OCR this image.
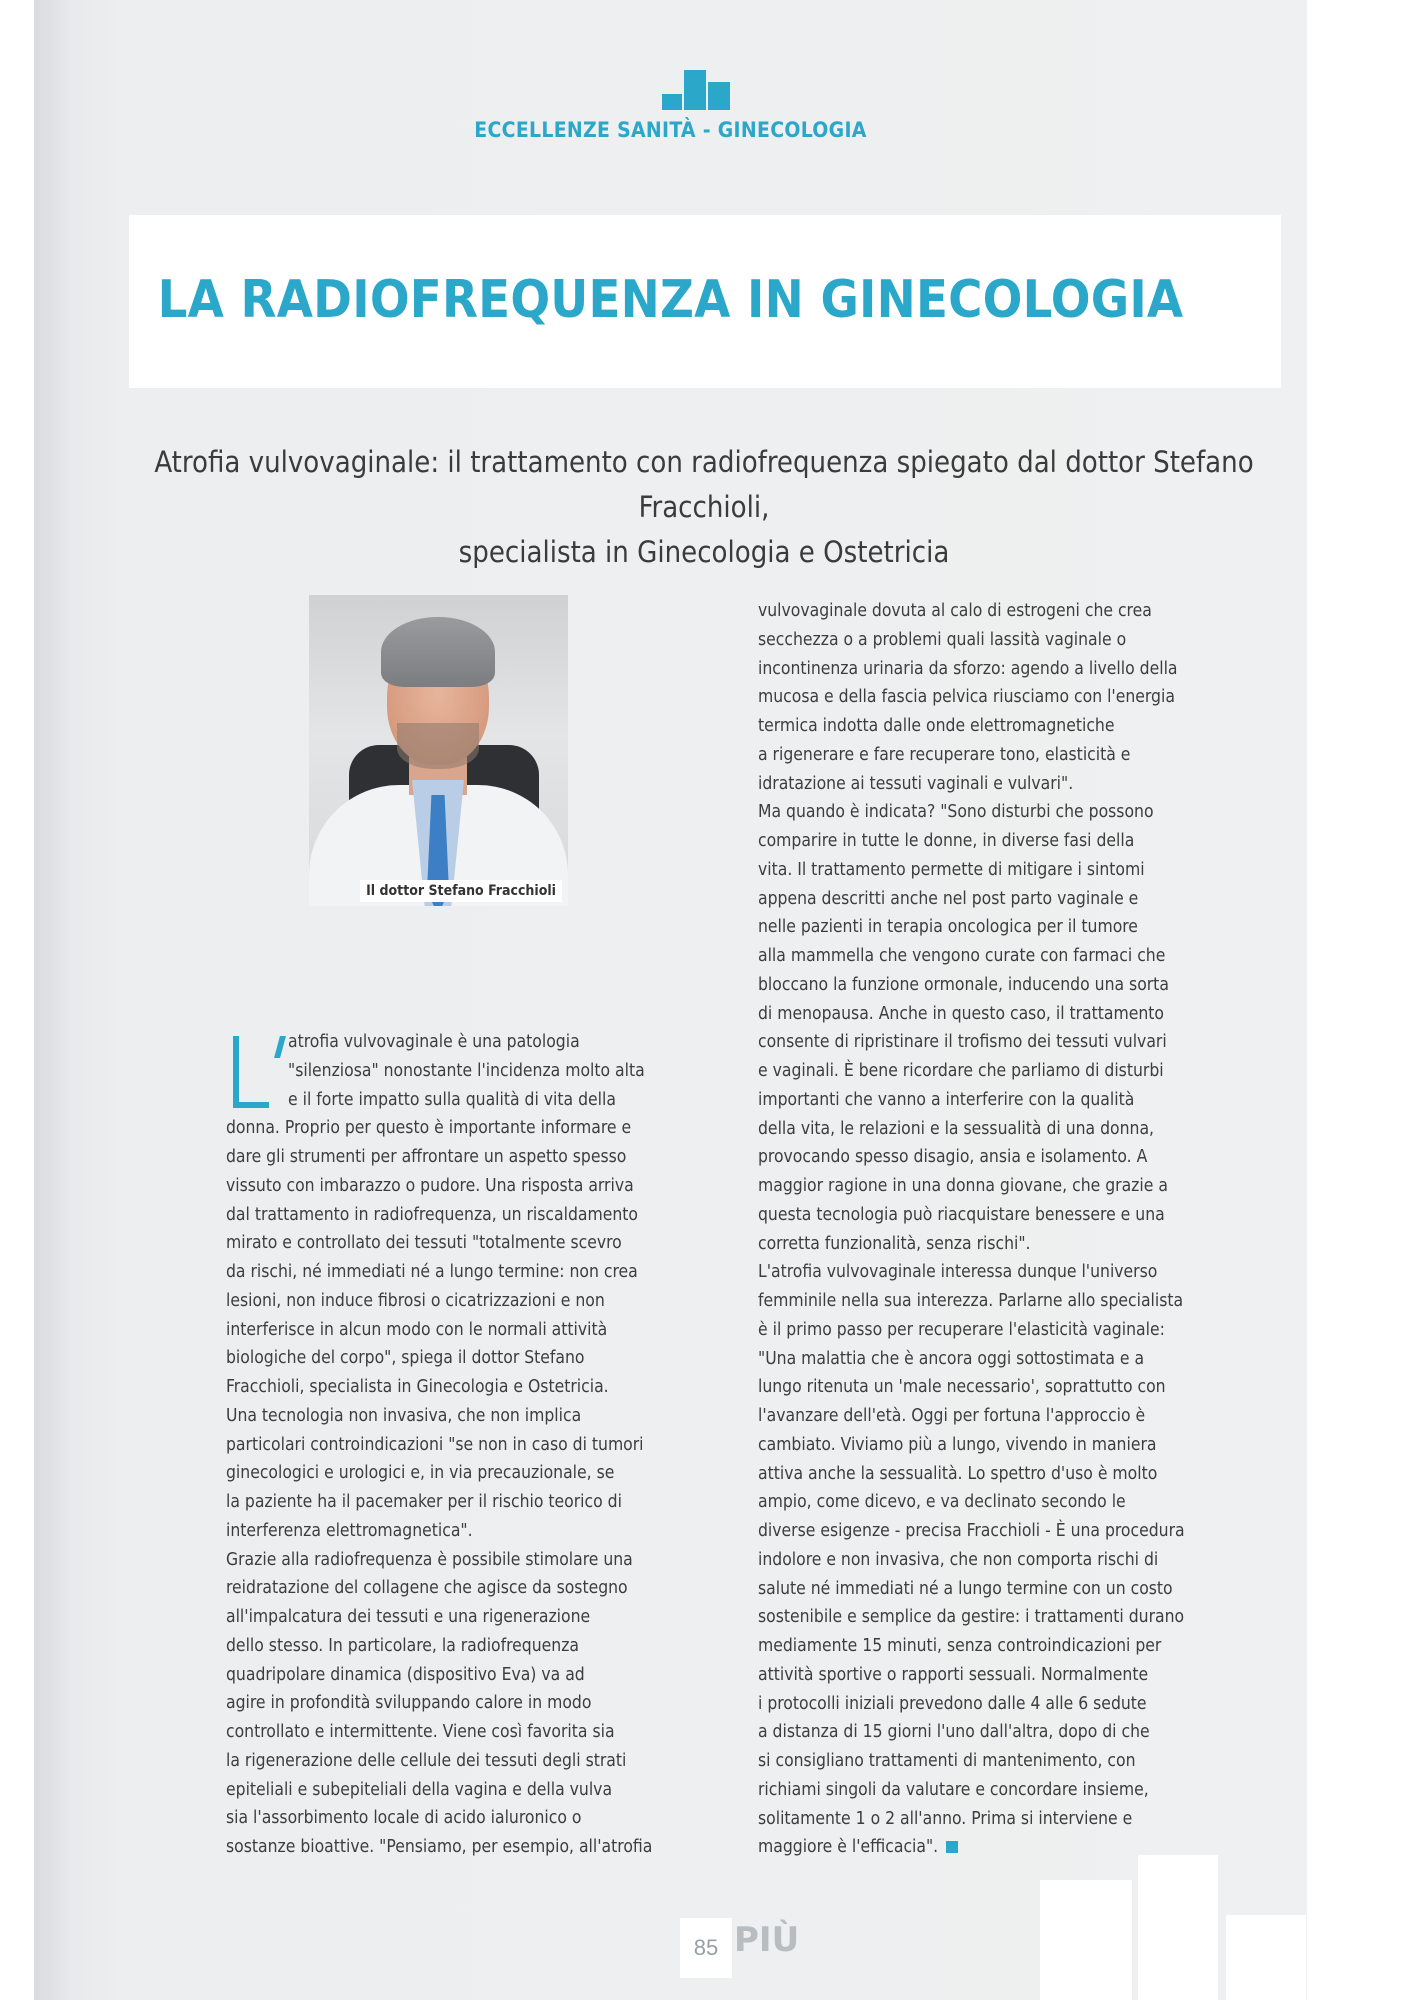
ECCELLENZE SANITÀ - GINECOLOGIA
LA RADIOFREQUENZA IN GINECOLOGIA
Atrofia vulvovaginale: il trattamento con radiofrequenza spiegato dal dottor Stefano Fracchioli,
specialista in Ginecologia e Ostetricia
Il dottor Stefano Fracchioli
atrofia vulvovaginale è una patologia
"silenziosa" nonostante l'incidenza molto alta
e il forte impatto sulla qualità di vita della
donna. Proprio per questo è importante informare e
dare gli strumenti per affrontare un aspetto spesso
vissuto con imbarazzo o pudore. Una risposta arriva
dal trattamento in radiofrequenza, un riscaldamento
mirato e controllato dei tessuti "totalmente scevro
da rischi, né immediati né a lungo termine: non crea
lesioni, non induce fibrosi o cicatrizzazioni e non
interferisce in alcun modo con le normali attività
biologiche del corpo", spiega il dottor Stefano
Fracchioli, specialista in Ginecologia e Ostetricia.
Una tecnologia non invasiva, che non implica
particolari controindicazioni "se non in caso di tumori
ginecologici e urologici e, in via precauzionale, se
la paziente ha il pacemaker per il rischio teorico di
interferenza elettromagnetica".
Grazie alla radiofrequenza è possibile stimolare una
reidratazione del collagene che agisce da sostegno
all'impalcatura dei tessuti e una rigenerazione
dello stesso. In particolare, la radiofrequenza
quadripolare dinamica (dispositivo Eva) va ad
agire in profondità sviluppando calore in modo
controllato e intermittente. Viene così favorita sia
la rigenerazione delle cellule dei tessuti degli strati
epiteliali e subepiteliali della vagina e della vulva
sia l'assorbimento locale di acido ialuronico o
sostanze bioattive. "Pensiamo, per esempio, all'atrofia
vulvovaginale dovuta al calo di estrogeni che crea
secchezza o a problemi quali lassità vaginale o
incontinenza urinaria da sforzo: agendo a livello della
mucosa e della fascia pelvica riusciamo con l'energia
termica indotta dalle onde elettromagnetiche
a rigenerare e fare recuperare tono, elasticità e
idratazione ai tessuti vaginali e vulvari".
Ma quando è indicata? "Sono disturbi che possono
comparire in tutte le donne, in diverse fasi della
vita. Il trattamento permette di mitigare i sintomi
appena descritti anche nel post parto vaginale e
nelle pazienti in terapia oncologica per il tumore
alla mammella che vengono curate con farmaci che
bloccano la funzione ormonale, inducendo una sorta
di menopausa. Anche in questo caso, il trattamento
consente di ripristinare il trofismo dei tessuti vulvari
e vaginali. È bene ricordare che parliamo di disturbi
importanti che vanno a interferire con la qualità
della vita, le relazioni e la sessualità di una donna,
provocando spesso disagio, ansia e isolamento. A
maggior ragione in una donna giovane, che grazie a
questa tecnologia può riacquistare benessere e una
corretta funzionalità, senza rischi".
L'atrofia vulvovaginale interessa dunque l'universo
femminile nella sua interezza. Parlarne allo specialista
è il primo passo per recuperare l'elasticità vaginale:
"Una malattia che è ancora oggi sottostimata e a
lungo ritenuta un 'male necessario', soprattutto con
l'avanzare dell'età. Oggi per fortuna l'approccio è
cambiato. Viviamo più a lungo, vivendo in maniera
attiva anche la sessualità. Lo spettro d'uso è molto
ampio, come dicevo, e va declinato secondo le
diverse esigenze - precisa Fracchioli - È una procedura
indolore e non invasiva, che non comporta rischi di
salute né immediati né a lungo termine con un costo
sostenibile e semplice da gestire: i trattamenti durano
mediamente 15 minuti, senza controindicazioni per
attività sportive o rapporti sessuali. Normalmente
i protocolli iniziali prevedono dalle 4 alle 6 sedute
a distanza di 15 giorni l'uno dall'altra, dopo di che
si consigliano trattamenti di mantenimento, con
richiami singoli da valutare e concordare insieme,
solitamente 1 o 2 all'anno. Prima si interviene e
maggiore è l'efficacia".
85 PIÙ
